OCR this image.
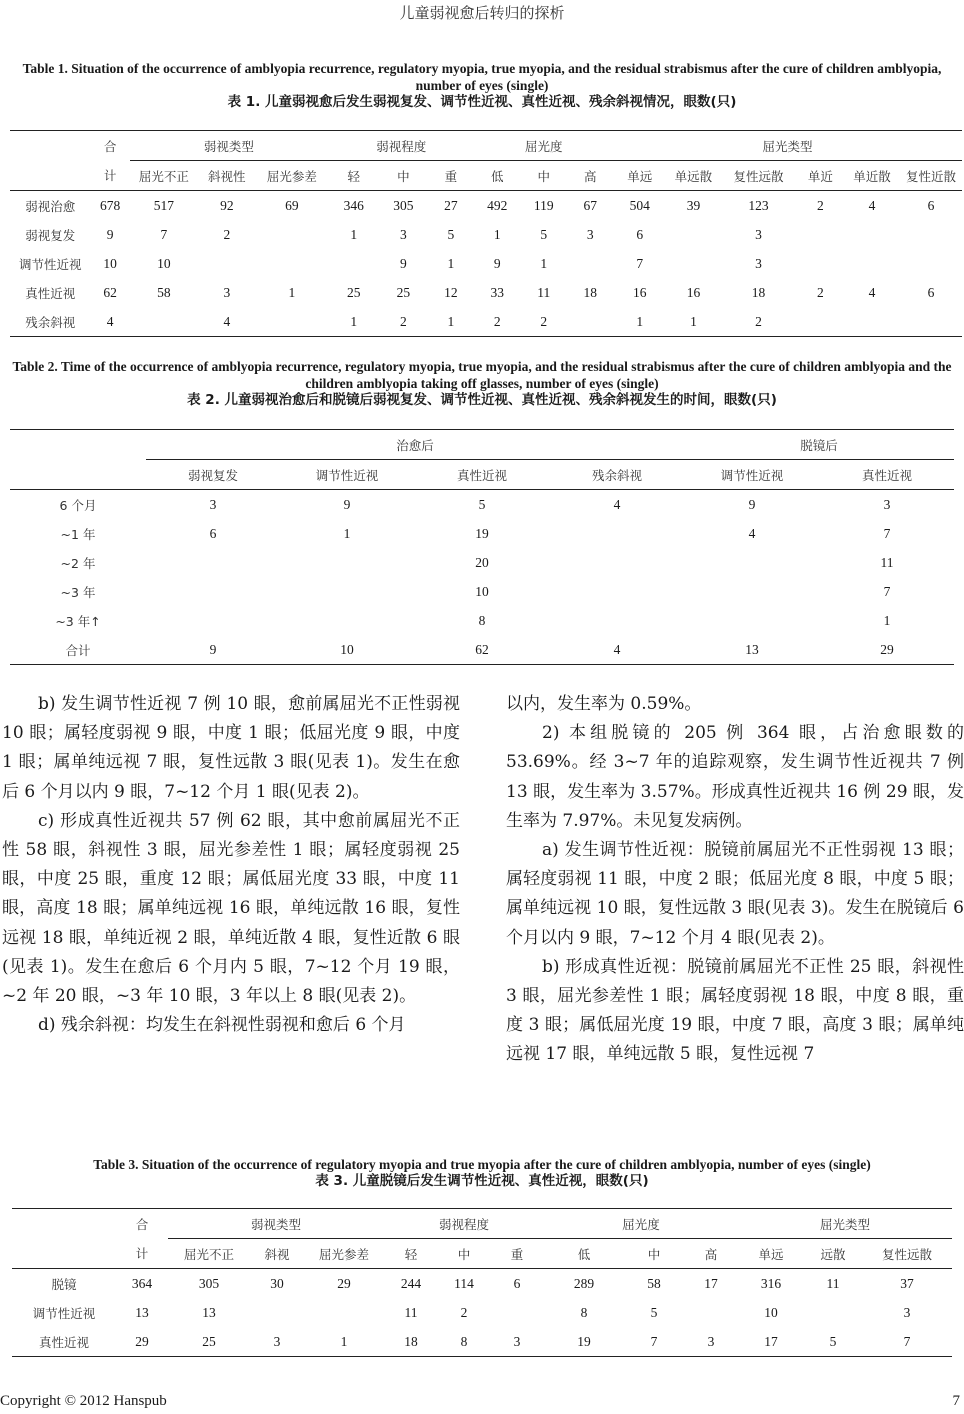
儿童弱视愈后转归的探析
Table 1. Situation of the occurrence of amblyopia recurrence, regulatory myopia, true myopia, and the residual strabismus after the cure of children amblyopia, number of eyes (single)
表 1. 儿童弱视愈后发生弱视复发、调节性近视、真性近视、残余斜视情况，眼数(只)
	合	弱视类型			弱视程度			屈光度			屈光类型					
	计	屈光不正	斜视性	屈光参差	轻	中	重	低	中	高	单远	单远散	复性远散	单近	单近散	复性近散
弱视治愈	678	517	92	69	346	305	27	492	119	67	504	39	123	2	4	6
弱视复发	9	7	2		1	3	5	1	5	3	6		3			
调节性近视	10	10				9	1	9	1		7		3			
真性近视	62	58	3	1	25	25	12	33	11	18	16	16	18	2	4	6
残余斜视	4		4		1	2	1	2	2		1	1	2			
Table 2. Time of the occurrence of amblyopia recurrence, regulatory myopia, true myopia, and the residual strabismus after the cure of children amblyopia and the children amblyopia taking off glasses, number of eyes (single)
表 2. 儿童弱视治愈后和脱镜后弱视复发、调节性近视、真性近视、残余斜视发生的时间，眼数(只)
	治愈后				脱镜后	
	弱视复发	调节性近视	真性近视	残余斜视	调节性近视	真性近视
6 个月	3	9	5	4	9	3
~1 年	6	1	19		4	7
~2 年			20			11
~3 年			10			7
~3 年↑			8			1
合计	9	10	62	4	13	29

b) 发生调节性近视 7 例 10 眼，愈前属屈光不正性弱视 10 眼；属轻度弱视 9 眼，中度 1 眼；低屈光度 9 眼，中度 1 眼；属单纯远视 7 眼，复性远散 3 眼(见表 1)。发生在愈后 6 个月以内 9 眼，7~12 个月 1 眼(见表 2)。

c) 形成真性近视共 57 例 62 眼，其中愈前属屈光不正性 58 眼，斜视性 3 眼，屈光参差性 1 眼；属轻度弱视 25 眼，中度 25 眼，重度 12 眼；属低屈光度 33 眼，中度 11 眼，高度 18 眼；属单纯远视 16 眼，单纯远散 16 眼，复性远视 18 眼，单纯近视 2 眼，单纯近散 4 眼，复性近散 6 眼(见表 1)。发生在愈后 6 个月内 5 眼，7~12 个月 19 眼，~2 年 20 眼，~3 年 10 眼，3 年以上 8 眼(见表 2)。

d) 残余斜视：均发生在斜视性弱视和愈后 6 个月

以内，发生率为 0.59%。

2) 本组脱镜的 205 例 364 眼，占治愈眼数的 53.69%。经 3~7 年的追踪观察，发生调节性近视共 7 例 13 眼，发生率为 3.57%。形成真性近视共 16 例 29 眼，发生率为 7.97%。未见复发病例。

a) 发生调节性近视：脱镜前属屈光不正性弱视 13 眼；属轻度弱视 11 眼，中度 2 眼；低屈光度 8 眼，中度 5 眼；属单纯远视 10 眼，复性远散 3 眼(见表 3)。发生在脱镜后 6 个月以内 9 眼，7~12 个月 4 眼(见表 2)。

b) 形成真性近视：脱镜前属屈光不正性 25 眼，斜视性 3 眼，屈光参差性 1 眼；属轻度弱视 18 眼，中度 8 眼，重度 3 眼；属低屈光度 19 眼，中度 7 眼，高度 3 眼；属单纯远视 17 眼，单纯远散 5 眼，复性远视 7

Table 3. Situation of the occurrence of regulatory myopia and true myopia after the cure of children amblyopia, number of eyes (single)
表 3. 儿童脱镜后发生调节性近视、真性近视，眼数(只)
	合	弱视类型			弱视程度			屈光度			屈光类型		
	计	屈光不正	斜视	屈光参差	轻	中	重	低	中	高	单远	远散	复性远散
脱镜	364	305	30	29	244	114	6	289	58	17	316	11	37
调节性近视	13	13			11	2		8	5		10		3
真性近视	29	25	3	1	18	8	3	19	7	3	17	5	7
Copyright © 2012 Hanspub	7
